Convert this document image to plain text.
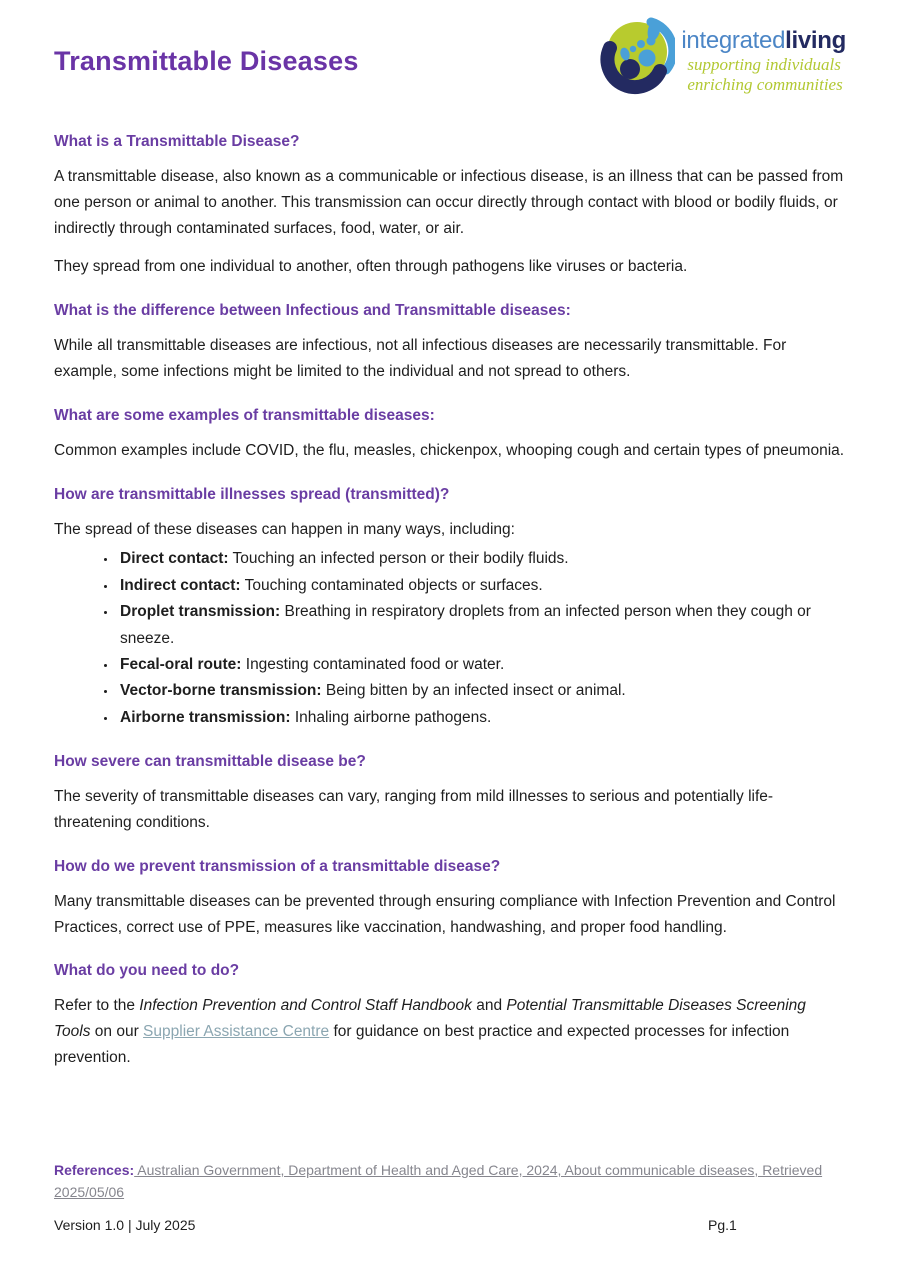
Transmittable Diseases
integratedliving
supporting individuals
enriching communities
What is a Transmittable Disease?

A transmittable disease, also known as a communicable or infectious disease, is an illness that can be passed from one person or animal to another. This transmission can occur directly through contact with blood or bodily fluids, or indirectly through contaminated surfaces, food, water, or air.

They spread from one individual to another, often through pathogens like viruses or bacteria.

What is the difference between Infectious and Transmittable diseases:

While all transmittable diseases are infectious, not all infectious diseases are necessarily transmittable. For example, some infections might be limited to the individual and not spread to others.

What are some examples of transmittable diseases:

Common examples include COVID, the flu, measles, chickenpox, whooping cough and certain types of pneumonia.

How are transmittable illnesses spread (transmitted)?

The spread of these diseases can happen in many ways, including:

• Direct contact: Touching an infected person or their bodily fluids.
• Indirect contact: Touching contaminated objects or surfaces.
• Droplet transmission: Breathing in respiratory droplets from an infected person when they cough or sneeze.
• Fecal-oral route: Ingesting contaminated food or water.
• Vector-borne transmission: Being bitten by an infected insect or animal.
• Airborne transmission: Inhaling airborne pathogens.
How severe can transmittable disease be?

The severity of transmittable diseases can vary, ranging from mild illnesses to serious and potentially life-threatening conditions.

How do we prevent transmission of a transmittable disease?

Many transmittable diseases can be prevented through ensuring compliance with Infection Prevention and Control Practices, correct use of PPE, measures like vaccination, handwashing, and proper food handling.

What do you need to do?

Refer to the Infection Prevention and Control Staff Handbook and Potential Transmittable Diseases Screening Tools on our Supplier Assistance Centre for guidance on best practice and expected processes for infection prevention.

References: Australian Government, Department of Health and Aged Care, 2024, About communicable diseases, Retrieved 2025/05/06
Version 1.0 | July 2025	Pg.1
